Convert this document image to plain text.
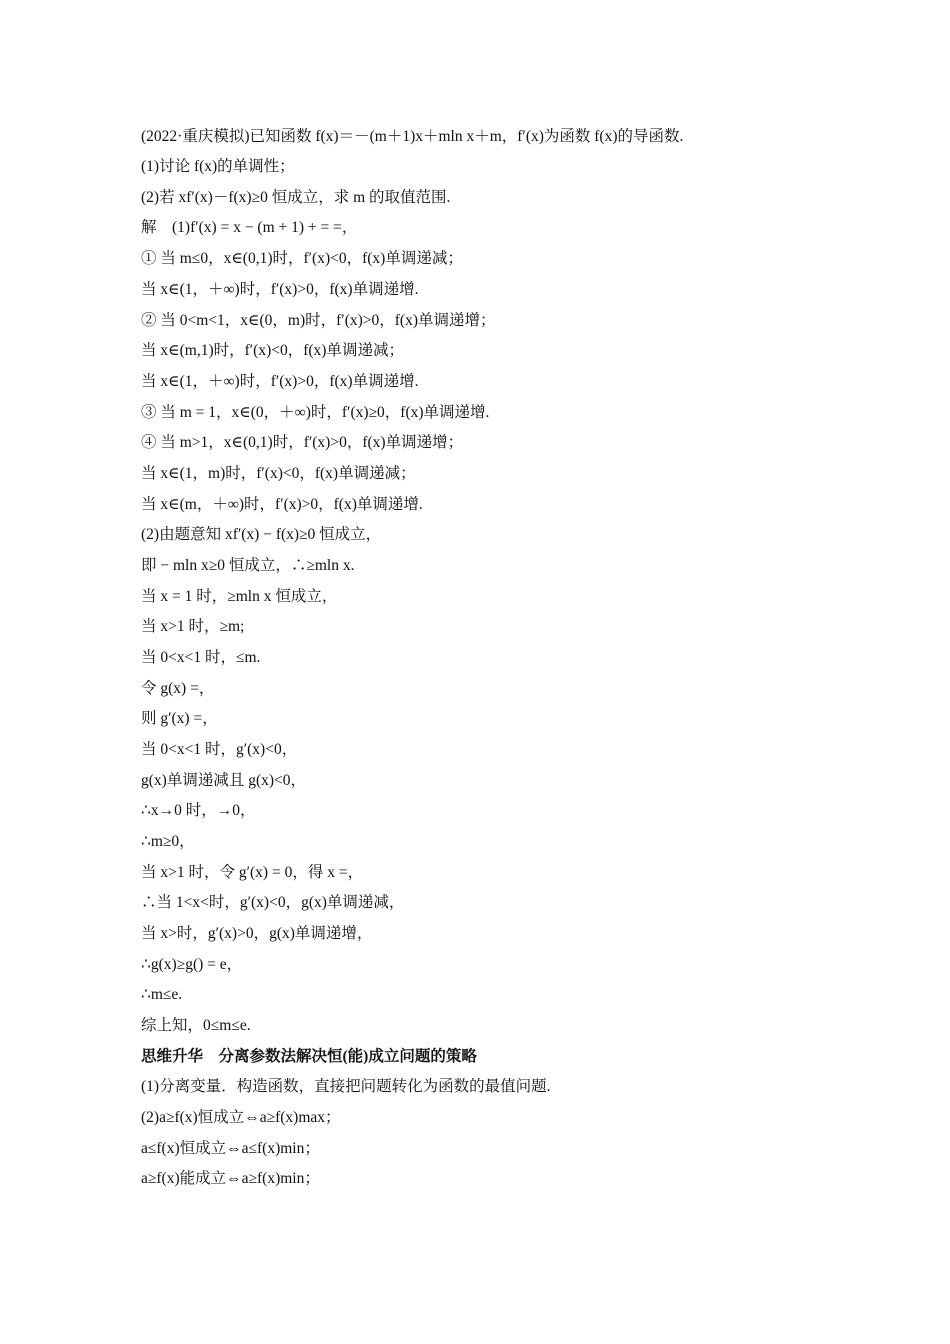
(2022·重庆模拟)已知函数 f(x)＝－(m＋1)x＋mln x＋m，f′(x)为函数 f(x)的导函数.
(1)讨论 f(x)的单调性；
(2)若 xf′(x)－f(x)≥0 恒成立，求 m 的取值范围.
解　(1)f′(x) = x − (m + 1) + = =，
① 当 m≤0，x∈(0,1)时，f′(x)<0，f(x)单调递减；
当 x∈(1，＋∞)时，f′(x)>0，f(x)单调递增.
② 当 0<m<1，x∈(0，m)时，f′(x)>0，f(x)单调递增；
当 x∈(m,1)时，f′(x)<0，f(x)单调递减；
当 x∈(1，＋∞)时，f′(x)>0，f(x)单调递增.
③ 当 m = 1，x∈(0，＋∞)时，f′(x)≥0，f(x)单调递增.
④ 当 m>1，x∈(0,1)时，f′(x)>0，f(x)单调递增；
当 x∈(1，m)时，f′(x)<0，f(x)单调递减；
当 x∈(m，＋∞)时，f′(x)>0，f(x)单调递增.
(2)由题意知 xf′(x) − f(x)≥0 恒成立，
即 − mln x≥0 恒成立，∴≥mln x.
当 x = 1 时，≥mln x 恒成立，
当 x>1 时，≥m;
当 0<x<1 时，≤m.
令 g(x) =，
则 g′(x) =，
当 0<x<1 时，g′(x)<0，
g(x)单调递减且 g(x)<0，
∴x→0 时，→0，
∴m≥0，
当 x>1 时，令 g′(x) = 0，得 x =，
∴当 1<x<时，g′(x)<0，g(x)单调递减，
当 x>时，g′(x)>0，g(x)单调递增，
∴g(x)≥g() = e，
∴m≤e.
综上知，0≤m≤e.
思维升华　分离参数法解决恒(能)成立问题的策略
(1)分离变量．构造函数，直接把问题转化为函数的最值问题.
(2)a≥f(x)恒成立⇔a≥f(x)max；
a≤f(x)恒成立⇔a≤f(x)min；
a≥f(x)能成立⇔a≥f(x)min；
